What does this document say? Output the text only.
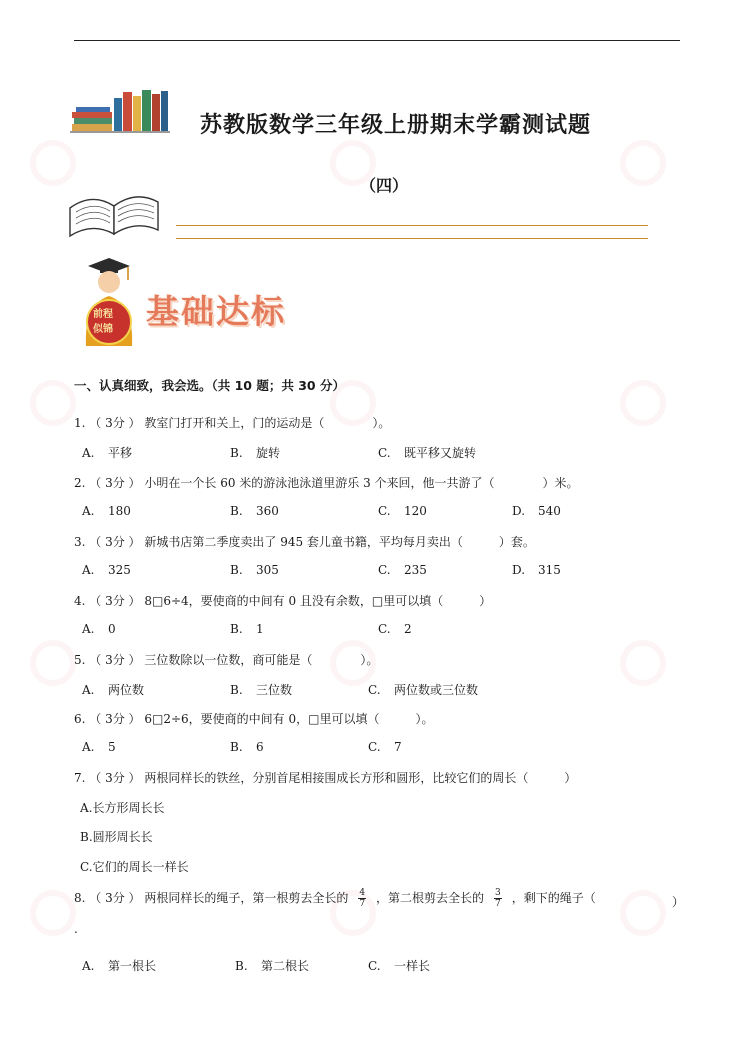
苏教版数学三年级上册期末学霸测试题
（四）
前程
似锦 基础达标
一、认真细致，我会选。（共 10 题；共 30 分）
1. （ 3分 ） 教室门打开和关上，门的运动是（　　　　）。
A. 平移	B. 旋转	C. 既平移又旋转
2. （ 3分 ） 小明在一个长 60 米的游泳池泳道里游乐 3 个来回，他一共游了（　　　　）米。
A. 180	B. 360	C. 120	D. 540
3. （ 3分 ） 新城书店第二季度卖出了 945 套儿童书籍，平均每月卖出（　　　）套。
A. 325	B. 305	C. 235	D. 315
4. （ 3分 ） 8□6÷4，要使商的中间有 0 且没有余数，□里可以填（　　　）
A. 0	B. 1	C. 2
5. （ 3分 ） 三位数除以一位数，商可能是（　　　　）。
A. 两位数	B. 三位数	C. 两位数或三位数
6. （ 3分 ） 6□2÷6，要使商的中间有 0，□里可以填（　　　）。
A. 5	B. 6	C. 7
7. （ 3分 ） 两根同样长的铁丝，分别首尾相接围成长方形和圆形，比较它们的周长（　　　）
A.长方形周长长
B.圆形周长长
C.它们的周长一样长
8. （ 3分 ） 两根同样长的绳子，第一根剪去全长的 $\frac{4}{7}$ ，第二根剪去全长的 $\frac{3}{7}$ ，剩下的绳子（　　　　 ）
.
A. 第一根长	B. 第二根长	C. 一样长
